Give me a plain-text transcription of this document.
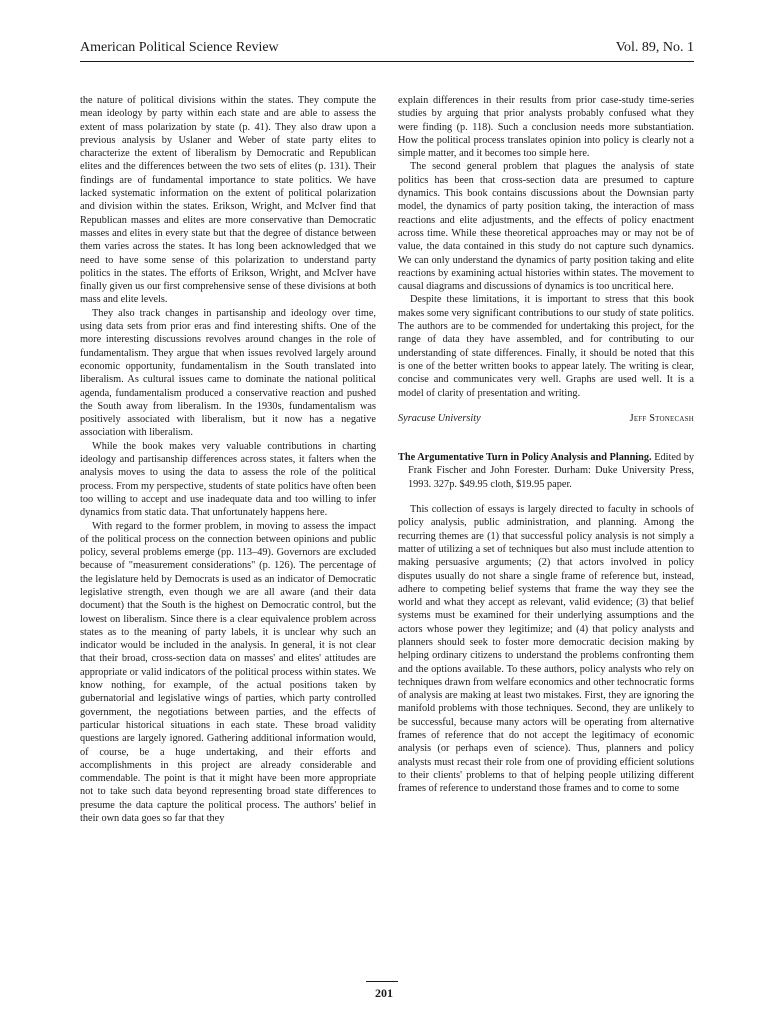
American Political Science Review	Vol. 89, No. 1

the nature of political divisions within the states. They compute the mean ideology by party within each state and are able to assess the extent of mass polarization by state (p. 41). They also draw upon a previous analysis by Uslaner and Weber of state party elites to characterize the extent of liberalism by Democratic and Republican elites and the differences between the two sets of elites (p. 131). Their findings are of fundamental importance to state politics. We have lacked systematic information on the extent of political polarization and division within the states. Erikson, Wright, and McIver find that Republican masses and elites are more conservative than Democratic masses and elites in every state but that the degree of distance between them varies across the states. It has long been acknowledged that we need to have some sense of this polarization to understand party politics in the states. The efforts of Erikson, Wright, and McIver have finally given us our first comprehensive sense of these divisions at both mass and elite levels.

They also track changes in partisanship and ideology over time, using data sets from prior eras and find interesting shifts. One of the more interesting discussions revolves around changes in the role of fundamentalism. They argue that when issues revolved largely around economic opportunity, fundamentalism in the South translated into liberalism. As cultural issues came to dominate the national political agenda, fundamentalism produced a conservative reaction and pushed the South away from liberalism. In the 1930s, fundamentalism was positively associated with liberalism, but it now has a negative association with liberalism.

While the book makes very valuable contributions in charting ideology and partisanship differences across states, it falters when the analysis moves to using the data to assess the role of the political process. From my perspective, students of state politics have often been too willing to accept and use inadequate data and too willing to infer dynamics from static data. That unfortunately happens here.

With regard to the former problem, in moving to assess the impact of the political process on the connection between opinions and public policy, several problems emerge (pp. 113–49). Governors are excluded because of "measurement considerations" (p. 126). The percentage of the legislature held by Democrats is used as an indicator of Democratic legislative strength, even though we are all aware (and their data document) that the South is the highest on Democratic control, but the lowest on liberalism. Since there is a clear equivalence problem across states as to the meaning of party labels, it is unclear why such an indicator would be included in the analysis. In general, it is not clear that their broad, cross-section data on masses' and elites' attitudes are appropriate or valid indicators of the political process within states. We know nothing, for example, of the actual positions taken by gubernatorial and legislative wings of parties, which party controlled government, the negotiations between parties, and the effects of particular historical situations in each state. These broad validity questions are largely ignored. Gathering additional information would, of course, be a huge undertaking, and their efforts and accomplishments in this project are already considerable and commendable. The point is that it might have been more appropriate not to take such data beyond representing broad state differences to presume the data capture the political process. The authors' belief in their own data goes so far that they

explain differences in their results from prior case-study time-series studies by arguing that prior analysts probably confused what they were finding (p. 118). Such a conclusion needs more substantiation. How the political process translates opinion into policy is clearly not a simple matter, and it becomes too simple here.

The second general problem that plagues the analysis of state politics has been that cross-section data are presumed to capture dynamics. This book contains discussions about the Downsian party model, the dynamics of party position taking, the interaction of mass reactions and elite adjustments, and the effects of policy enactment across time. While these theoretical approaches may or may not be of value, the data contained in this study do not capture such dynamics. We can only understand the dynamics of party position taking and elite reactions by examining actual histories within states. The movement to causal diagrams and discussions of dynamics is too uncritical here.

Despite these limitations, it is important to stress that this book makes some very significant contributions to our study of state politics. The authors are to be commended for undertaking this project, for the range of data they have assembled, and for contributing to our understanding of state differences. Finally, it should be noted that this is one of the better written books to appear lately. The writing is clear, concise and communicates very well. Graphs are used well. It is a model of clarity of presentation and writing.

Syracuse University	Jeff Stonecash

The Argumentative Turn in Policy Analysis and Planning. Edited by Frank Fischer and John Forester. Durham: Duke University Press, 1993. 327p. $49.95 cloth, $19.95 paper.

This collection of essays is largely directed to faculty in schools of policy analysis, public administration, and planning. Among the recurring themes are (1) that successful policy analysis is not simply a matter of utilizing a set of techniques but also must include attention to making persuasive arguments; (2) that actors involved in policy disputes usually do not share a single frame of reference but, instead, adhere to competing belief systems that frame the way they see the world and what they accept as relevant, valid evidence; (3) that belief systems must be examined for their underlying assumptions and the actors whose power they legitimize; and (4) that policy analysts and planners should seek to foster more democratic decision making by helping ordinary citizens to understand the problems confronting them and the options available. To these authors, policy analysts who rely on techniques drawn from welfare economics and other technocratic forms of analysis are making at least two mistakes. First, they are ignoring the manifold problems with those techniques. Second, they are unlikely to be successful, because many actors will be operating from alternative frames of reference that do not accept the legitimacy of economic analysis (or perhaps even of science). Thus, planners and policy analysts must recast their role from one of providing efficient solutions to their clients' problems to that of helping people utilizing different frames of reference to understand those frames and to come to some

201
